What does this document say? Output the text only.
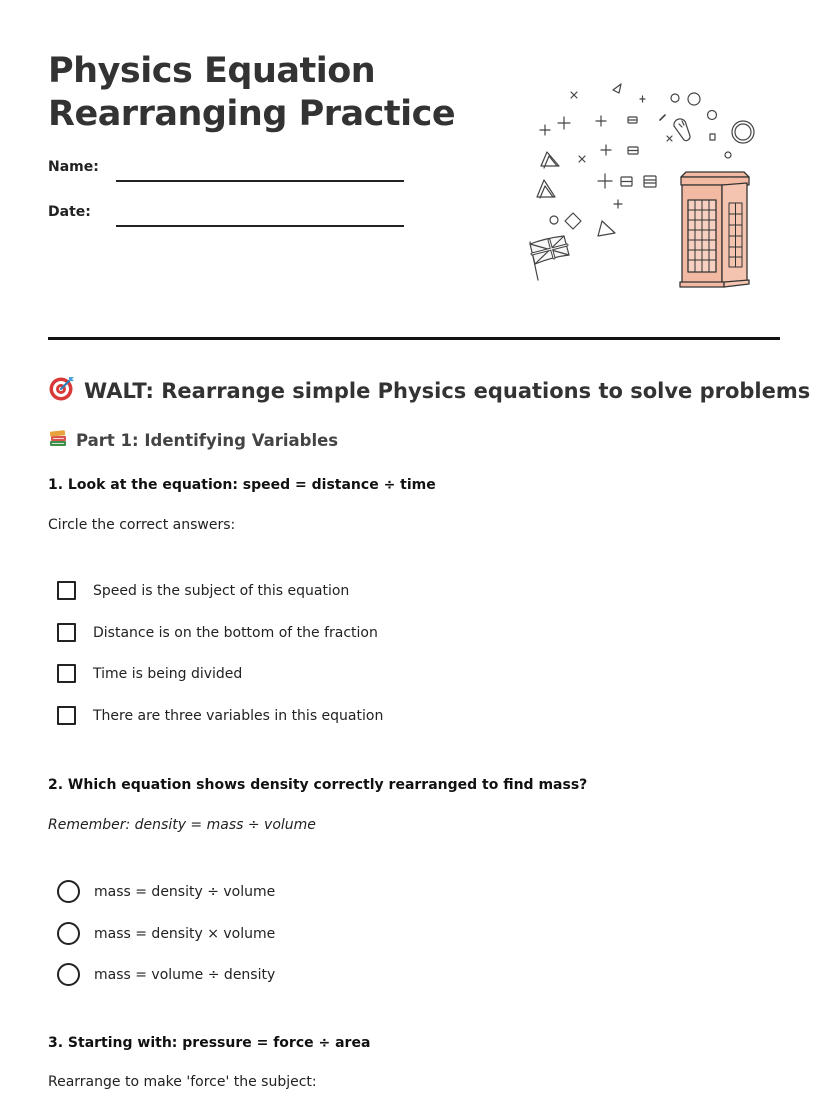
Physics Equation
Rearranging Practice
Name:
Date:
WALT: Rearrange simple Physics equations to solve problems
Part 1: Identifying Variables
1. Look at the equation: speed = distance ÷ time
Circle the correct answers:
Speed is the subject of this equation
Distance is on the bottom of the fraction
Time is being divided
There are three variables in this equation
2. Which equation shows density correctly rearranged to find mass?
Remember: density = mass ÷ volume
mass = density ÷ volume
mass = density × volume
mass = volume ÷ density
3. Starting with: pressure = force ÷ area
Rearrange to make 'force' the subject:
